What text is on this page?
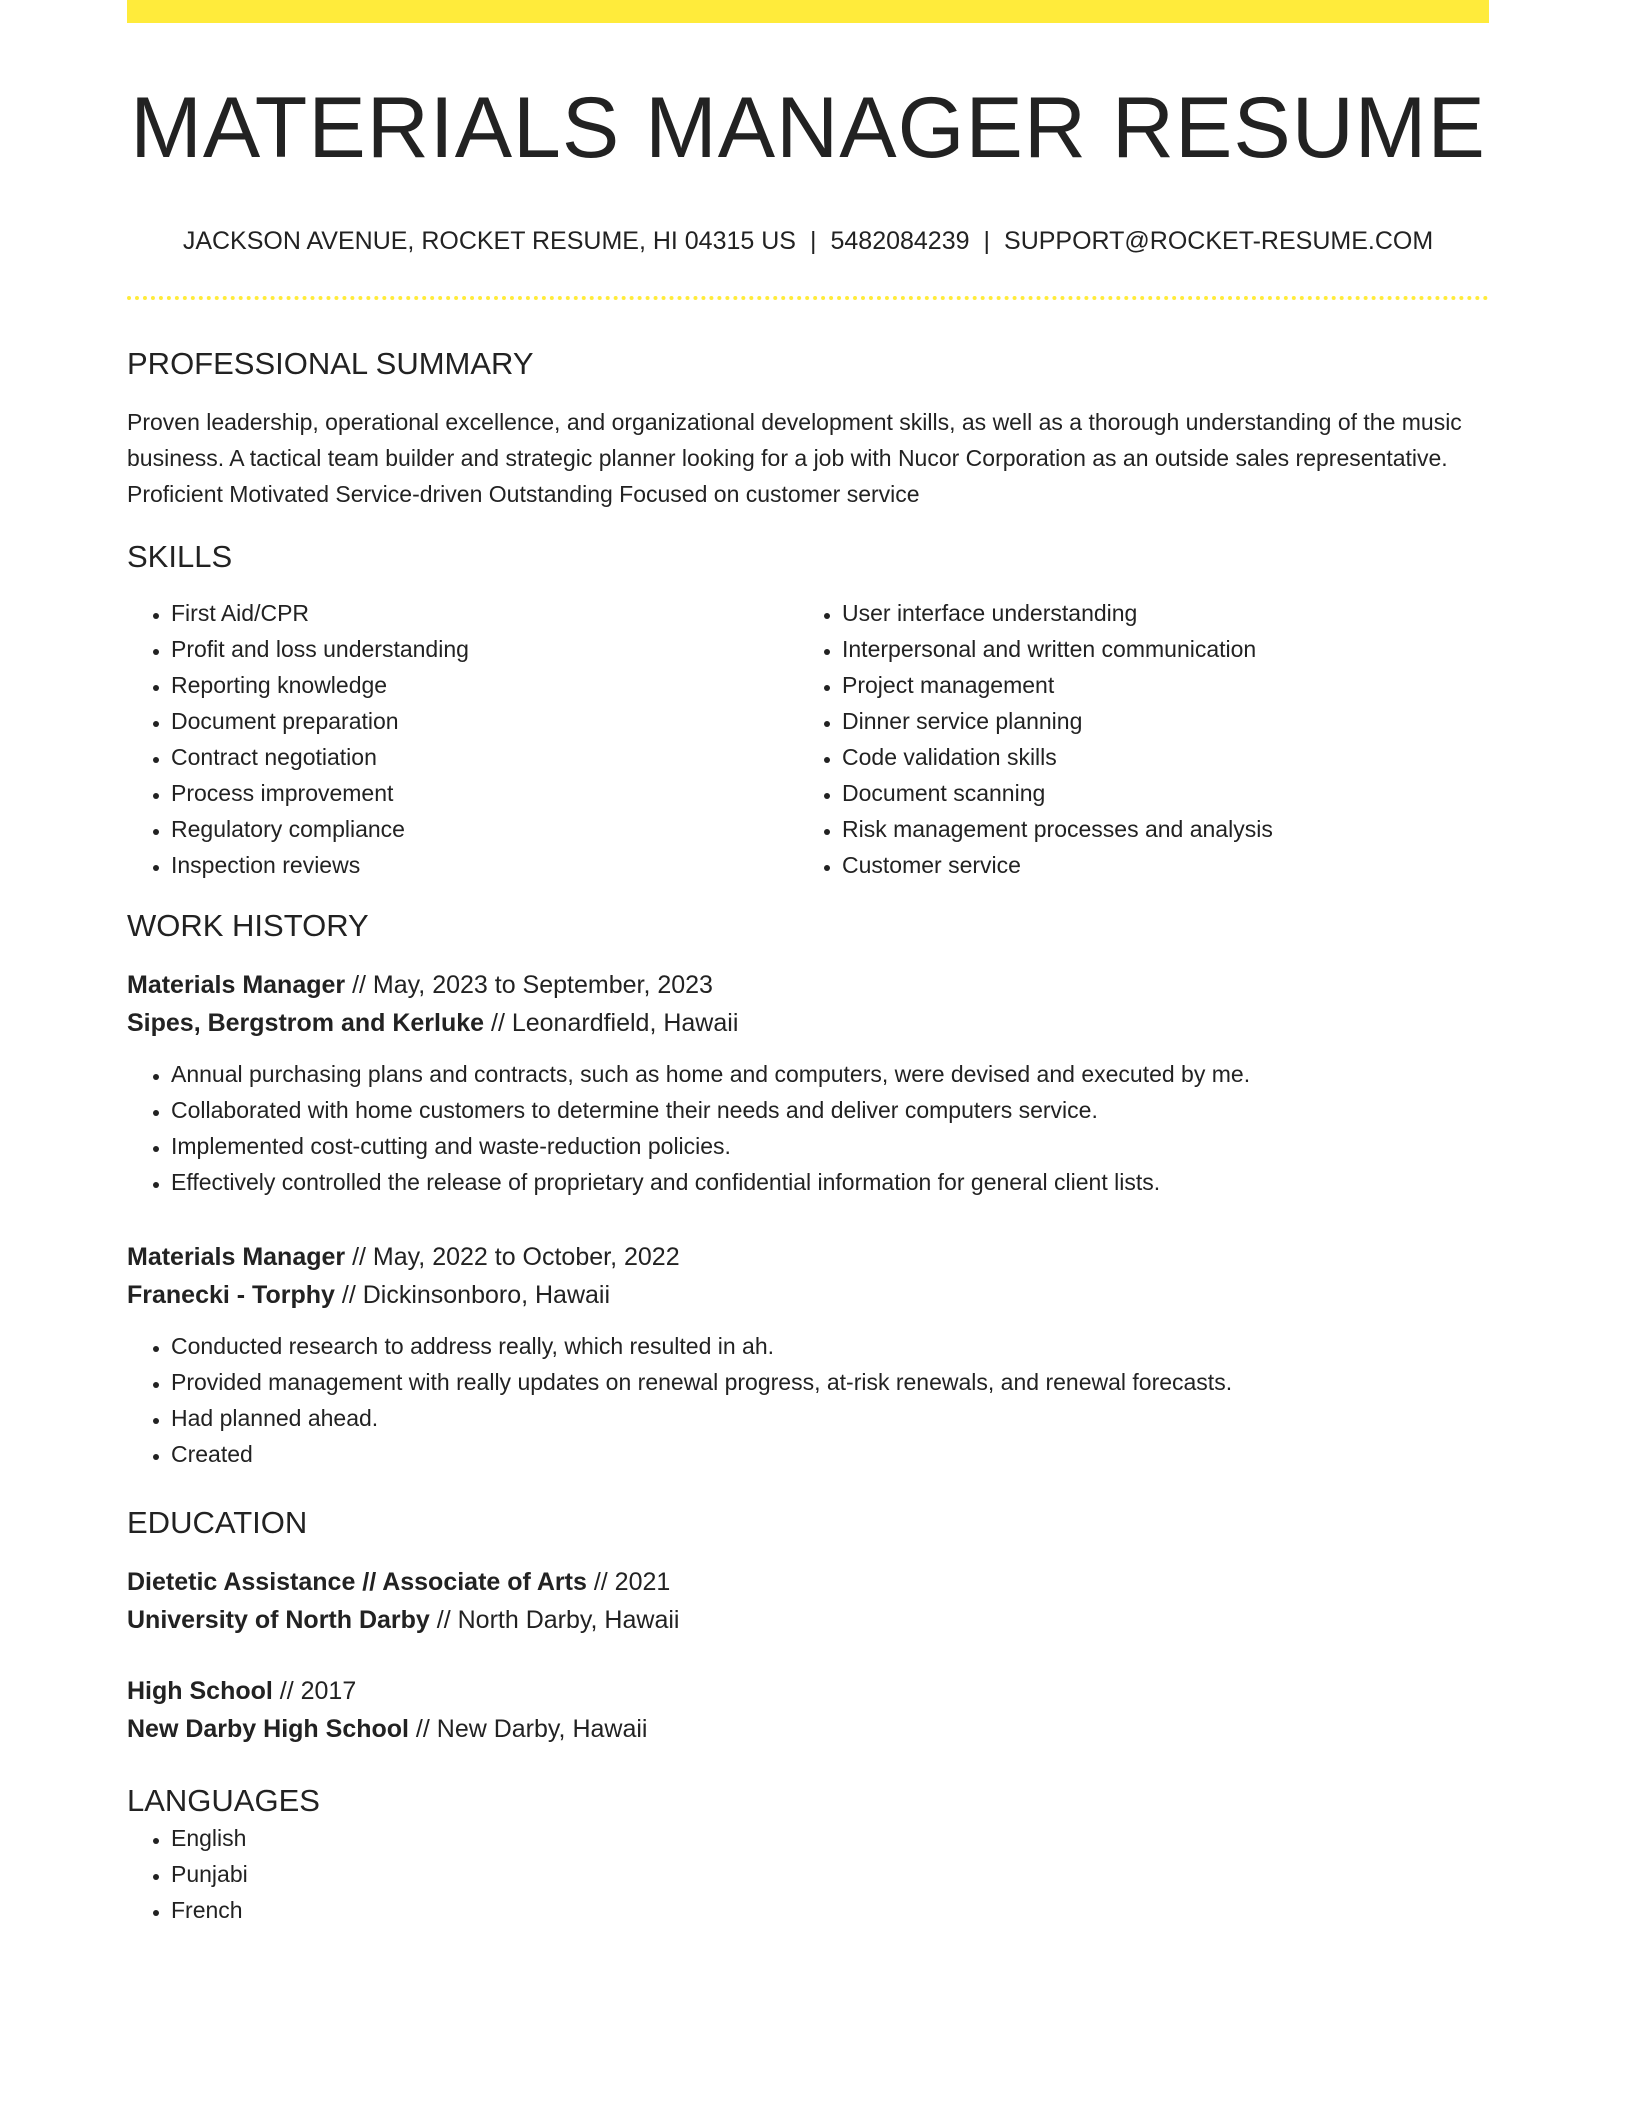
MATERIALS MANAGER RESUME
JACKSON AVENUE, ROCKET RESUME, HI 04315 US | 5482084239 | SUPPORT@ROCKET-RESUME.COM
PROFESSIONAL SUMMARY
Proven leadership, operational excellence, and organizational development skills, as well as a thorough understanding of the music business. A tactical team builder and strategic planner looking for a job with Nucor Corporation as an outside sales representative. Proficient Motivated Service-driven Outstanding Focused on customer service
SKILLS
• First Aid/CPR
• Profit and loss understanding
• Reporting knowledge
• Document preparation
• Contract negotiation
• Process improvement
• Regulatory compliance
• Inspection reviews
• User interface understanding
• Interpersonal and written communication
• Project management
• Dinner service planning
• Code validation skills
• Document scanning
• Risk management processes and analysis
• Customer service
WORK HISTORY
Materials Manager // May, 2023 to September, 2023
Sipes, Bergstrom and Kerluke // Leonardfield, Hawaii
• Annual purchasing plans and contracts, such as home and computers, were devised and executed by me.
• Collaborated with home customers to determine their needs and deliver computers service.
• Implemented cost-cutting and waste-reduction policies.
• Effectively controlled the release of proprietary and confidential information for general client lists.
Materials Manager // May, 2022 to October, 2022
Franecki - Torphy // Dickinsonboro, Hawaii
• Conducted research to address really, which resulted in ah.
• Provided management with really updates on renewal progress, at-risk renewals, and renewal forecasts.
• Had planned ahead.
• Created
EDUCATION
Dietetic Assistance // Associate of Arts // 2021
University of North Darby // North Darby, Hawaii
High School // 2017
New Darby High School // New Darby, Hawaii
LANGUAGES
• English
• Punjabi
• French
